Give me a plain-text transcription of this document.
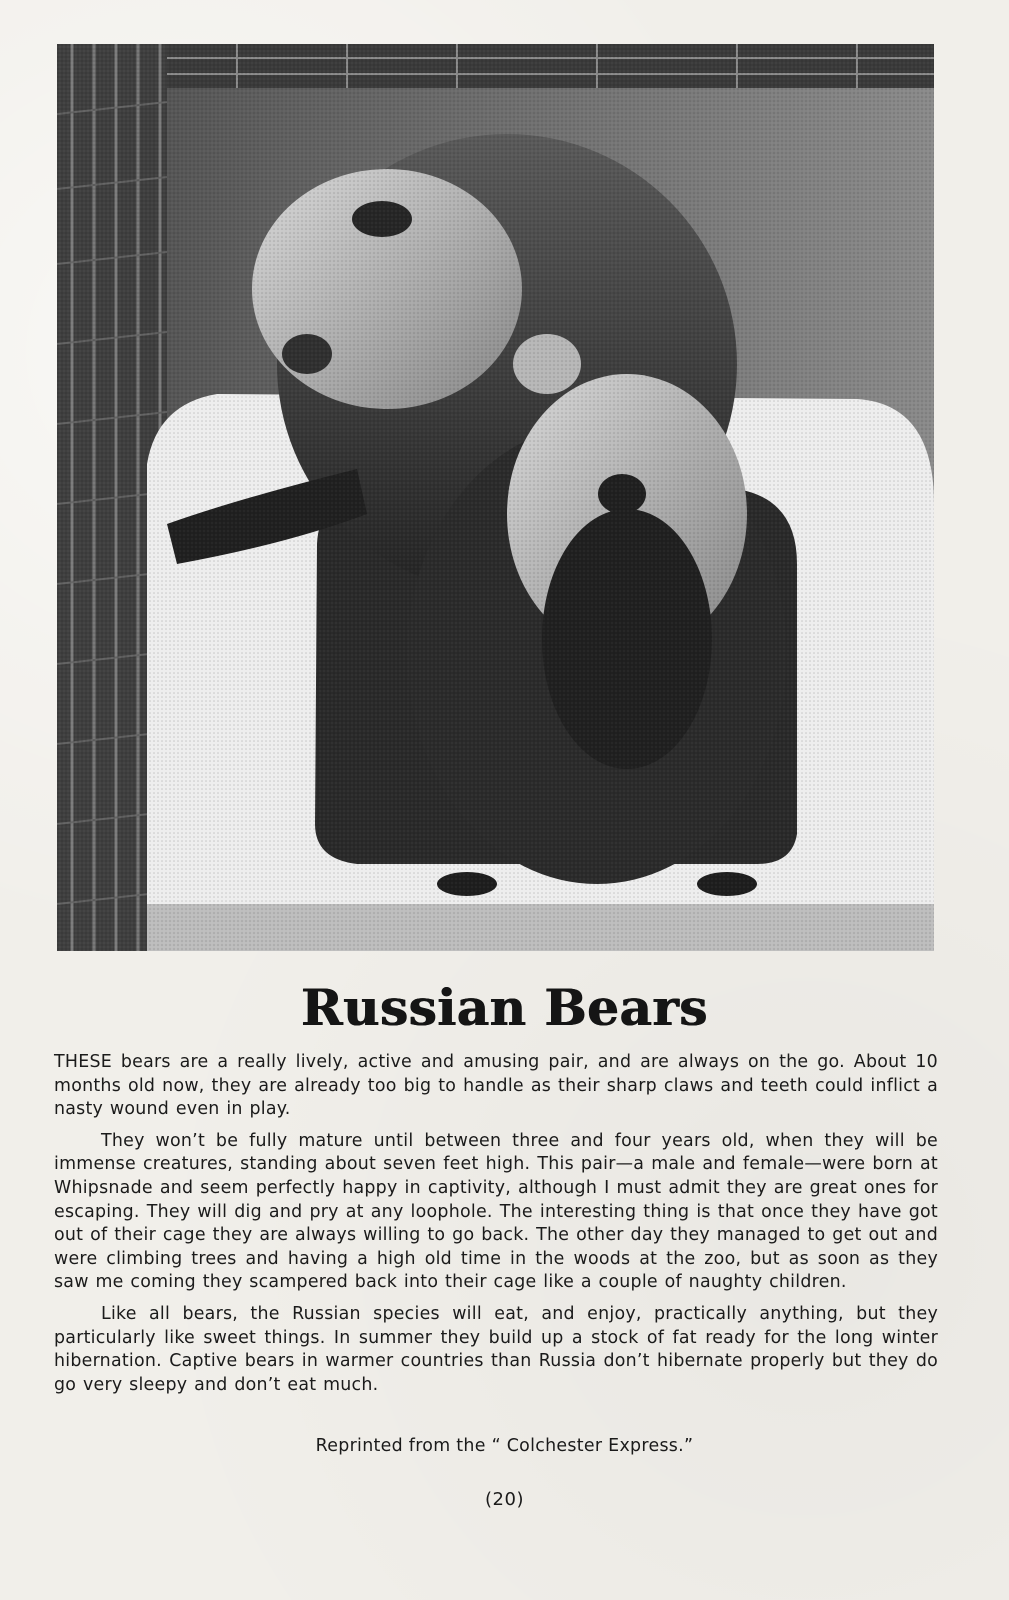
Russian Bears

THESE bears are a really lively, active and amusing pair, and are always on the go. About 10 months old now, they are already too big to handle as their sharp claws and teeth could inflict a nasty wound even in play.

They won’t be fully mature until between three and four years old, when they will be immense creatures, standing about seven feet high. This pair—a male and female—were born at Whipsnade and seem perfectly happy in captivity, although I must admit they are great ones for escaping. They will dig and pry at any loophole. The interesting thing is that once they have got out of their cage they are always willing to go back. The other day they managed to get out and were climbing trees and having a high old time in the woods at the zoo, but as soon as they saw me coming they scampered back into their cage like a couple of naughty children.

Like all bears, the Russian species will eat, and enjoy, practically anything, but they particularly like sweet things. In summer they build up a stock of fat ready for the long winter hibernation. Captive bears in warmer countries than Russia don’t hibernate properly but they do go very sleepy and don’t eat much.

Reprinted from the “ Colchester Express.”
(20)
